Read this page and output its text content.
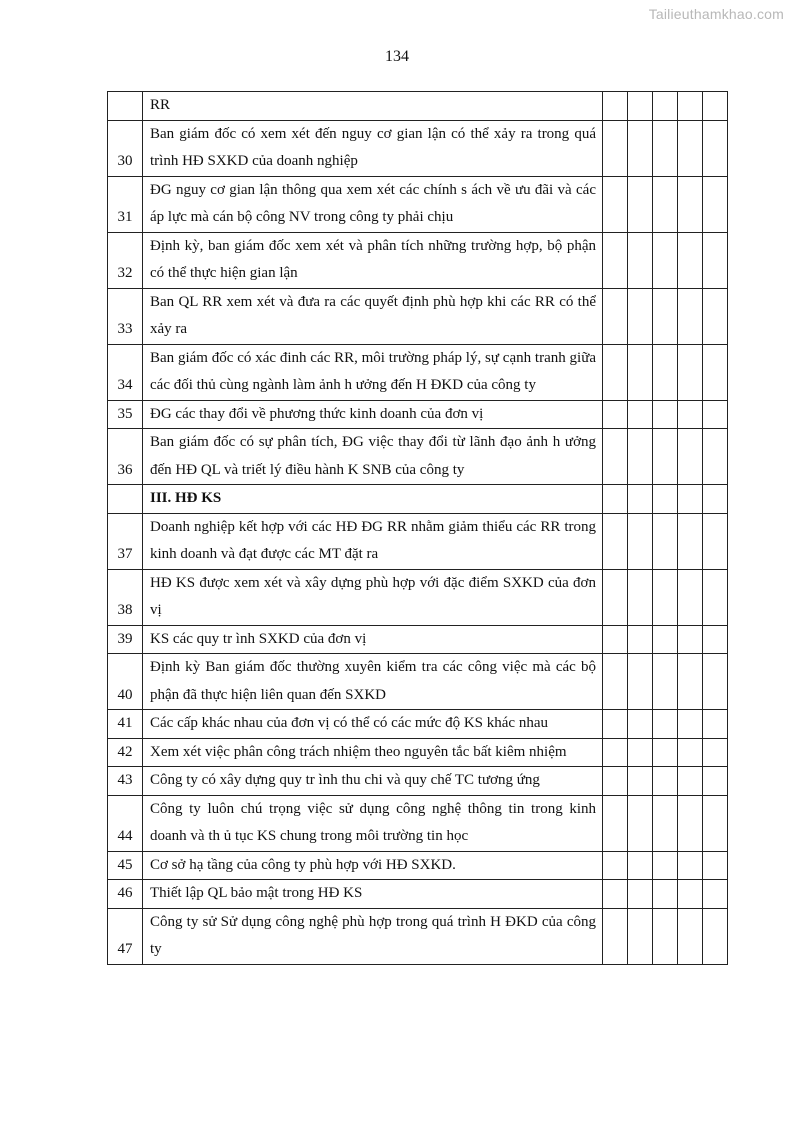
Tailieuthamkhao.com
134
	RR					
30	Ban giám đốc có xem xét đến nguy cơ gian lận có thể xảy ra trong quá trình HĐ SXKD của doanh nghiệp					
31	ĐG nguy cơ gian lận thông qua xem xét các chính s ách về ưu đãi và các áp lực mà cán bộ công NV trong công ty phải chịu					
32	Định kỳ, ban giám đốc xem xét và phân tích những trường hợp, bộ phận có thể thực hiện gian lận					
33	Ban QL RR xem xét và đưa ra các quyết định phù hợp khi các RR có thể xảy ra					
34	Ban giám đốc có xác đinh các RR, môi trường pháp lý, sự cạnh tranh giữa các đối thủ cùng ngành làm ảnh h ưởng đến H ĐKD của công ty					
35	ĐG các thay đổi về phương thức kinh doanh của đơn vị					
36	Ban giám đốc có sự phân tích, ĐG việc thay đổi từ lãnh đạo ảnh h ưởng đến HĐ QL và triết lý điều hành K SNB của công ty					
	III. HĐ KS					
37	Doanh nghiệp kết hợp với các HĐ ĐG RR nhằm giảm thiểu các RR trong kinh doanh và đạt được các MT đặt ra					
38	HĐ KS được xem xét và xây dựng phù hợp với đặc điểm SXKD của đơn vị					
39	KS các quy tr ình SXKD của đơn vị					
40	Định kỳ Ban giám đốc thường xuyên kiểm tra các công việc mà các bộ phận đã thực hiện liên quan đến SXKD					
41	Các cấp khác nhau của đơn vị có thể có các mức độ KS khác nhau					
42	Xem xét việc phân công trách nhiệm theo nguyên tắc bất kiêm nhiệm					
43	Công ty có xây dựng quy tr ình thu chi và quy chế TC tương ứng					
44	Công ty luôn chú trọng việc sử dụng công nghệ thông tin trong kinh doanh và th ủ tục KS chung trong môi trường tin học					
45	Cơ sở hạ tầng của công ty phù hợp với HĐ SXKD.					
46	Thiết lập QL bảo mật trong HĐ KS					
47	Công ty sử Sử dụng công nghệ phù hợp trong quá trình H ĐKD của công ty					
